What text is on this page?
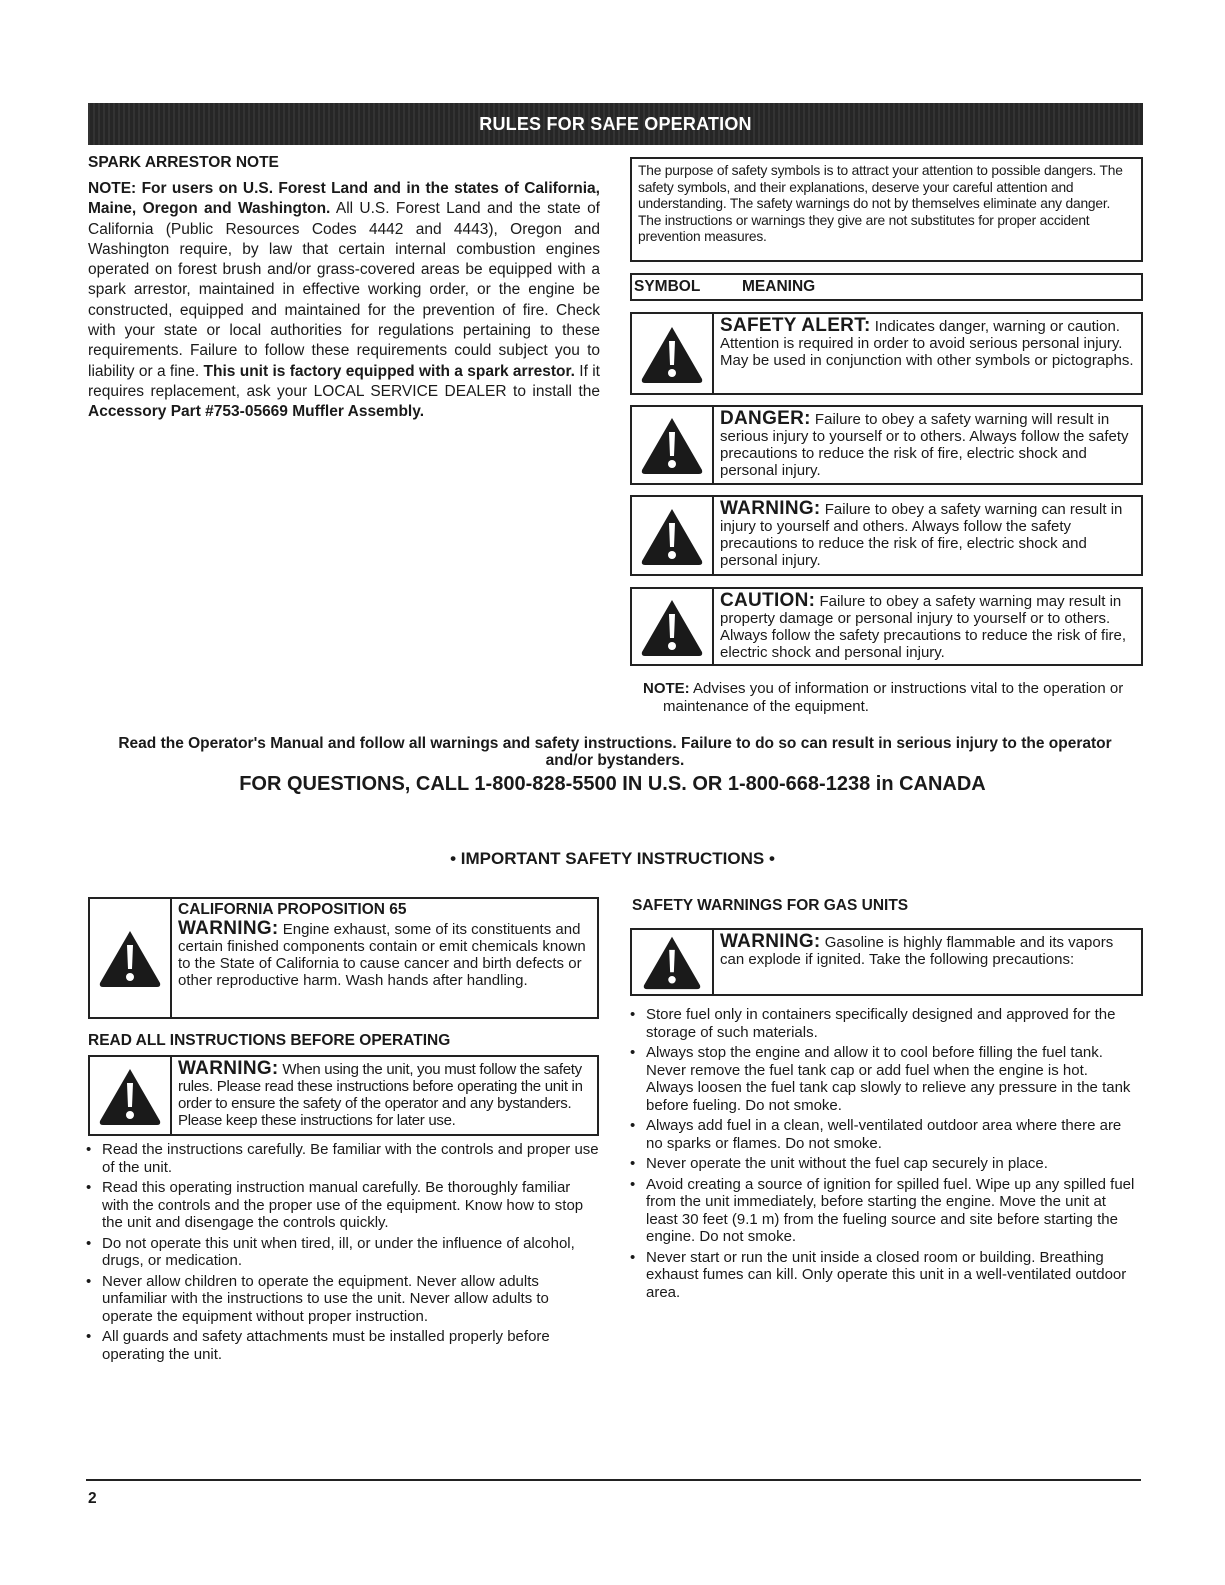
RULES FOR SAFE OPERATION
SPARK ARRESTOR NOTE
NOTE: For users on U.S. Forest Land and in the states of California, Maine, Oregon and Washington. All U.S. Forest Land and the state of California (Public Resources Codes 4442 and 4443), Oregon and Washington require, by law that certain internal combustion engines operated on forest brush and/or grass-covered areas be equipped with a spark arrestor, maintained in effective working order, or the engine be constructed, equipped and maintained for the prevention of fire. Check with your state or local authorities for regulations pertaining to these requirements. Failure to follow these requirements could subject you to liability or a fine. This unit is factory equipped with a spark arrestor. If it requires replacement, ask your LOCAL SERVICE DEALER to install the Accessory Part #753-05669 Muffler Assembly.
The purpose of safety symbols is to attract your attention to possible dangers. The safety symbols, and their explanations, deserve your careful attention and understanding. The safety warnings do not by themselves eliminate any danger. The instructions or warnings they give are not substitutes for proper accident prevention measures.
SYMBOL	MEANING
SAFETY ALERT: Indicates danger, warning or caution. Attention is required in order to avoid serious personal injury. May be used in conjunction with other symbols or pictographs.
DANGER: Failure to obey a safety warning will result in serious injury to yourself or to others. Always follow the safety precautions to reduce the risk of fire, electric shock and personal injury.
WARNING: Failure to obey a safety warning can result in injury to yourself and others. Always follow the safety precautions to reduce the risk of fire, electric shock and personal injury.
CAUTION: Failure to obey a safety warning may result in property damage or personal injury to yourself or to others. Always follow the safety precautions to reduce the risk of fire, electric shock and personal injury.
NOTE: Advises you of information or instructions vital to the operation or maintenance of the equipment.
Read the Operator's Manual and follow all warnings and safety instructions. Failure to do so can result in serious injury to the operator and/or bystanders.
FOR QUESTIONS, CALL 1-800-828-5500 IN U.S. OR 1-800-668-1238 in CANADA
• IMPORTANT SAFETY INSTRUCTIONS •
CALIFORNIA PROPOSITION 65
WARNING: Engine exhaust, some of its constituents and certain finished components contain or emit chemicals known to the State of California to cause cancer and birth defects or other reproductive harm. Wash hands after handling.
READ ALL INSTRUCTIONS BEFORE OPERATING
WARNING: When using the unit, you must follow the safety rules. Please read these instructions before operating the unit in order to ensure the safety of the operator and any bystanders. Please keep these instructions for later use.
• Read the instructions carefully. Be familiar with the controls and proper use of the unit.
• Read this operating instruction manual carefully. Be thoroughly familiar with the controls and the proper use of the equipment. Know how to stop the unit and disengage the controls quickly.
• Do not operate this unit when tired, ill, or under the influence of alcohol, drugs, or medication.
• Never allow children to operate the equipment. Never allow adults unfamiliar with the instructions to use the unit. Never allow adults to operate the equipment without proper instruction.
• All guards and safety attachments must be installed properly before operating the unit.
SAFETY WARNINGS FOR GAS UNITS
WARNING: Gasoline is highly flammable and its vapors can explode if ignited. Take the following precautions:
• Store fuel only in containers specifically designed and approved for the storage of such materials.
• Always stop the engine and allow it to cool before filling the fuel tank. Never remove the fuel tank cap or add fuel when the engine is hot. Always loosen the fuel tank cap slowly to relieve any pressure in the tank before fueling. Do not smoke.
• Always add fuel in a clean, well-ventilated outdoor area where there are no sparks or flames. Do not smoke.
• Never operate the unit without the fuel cap securely in place.
• Avoid creating a source of ignition for spilled fuel. Wipe up any spilled fuel from the unit immediately, before starting the engine. Move the unit at least 30 feet (9.1 m) from the fueling source and site before starting the engine. Do not smoke.
• Never start or run the unit inside a closed room or building. Breathing exhaust fumes can kill. Only operate this unit in a well-ventilated outdoor area.
2
